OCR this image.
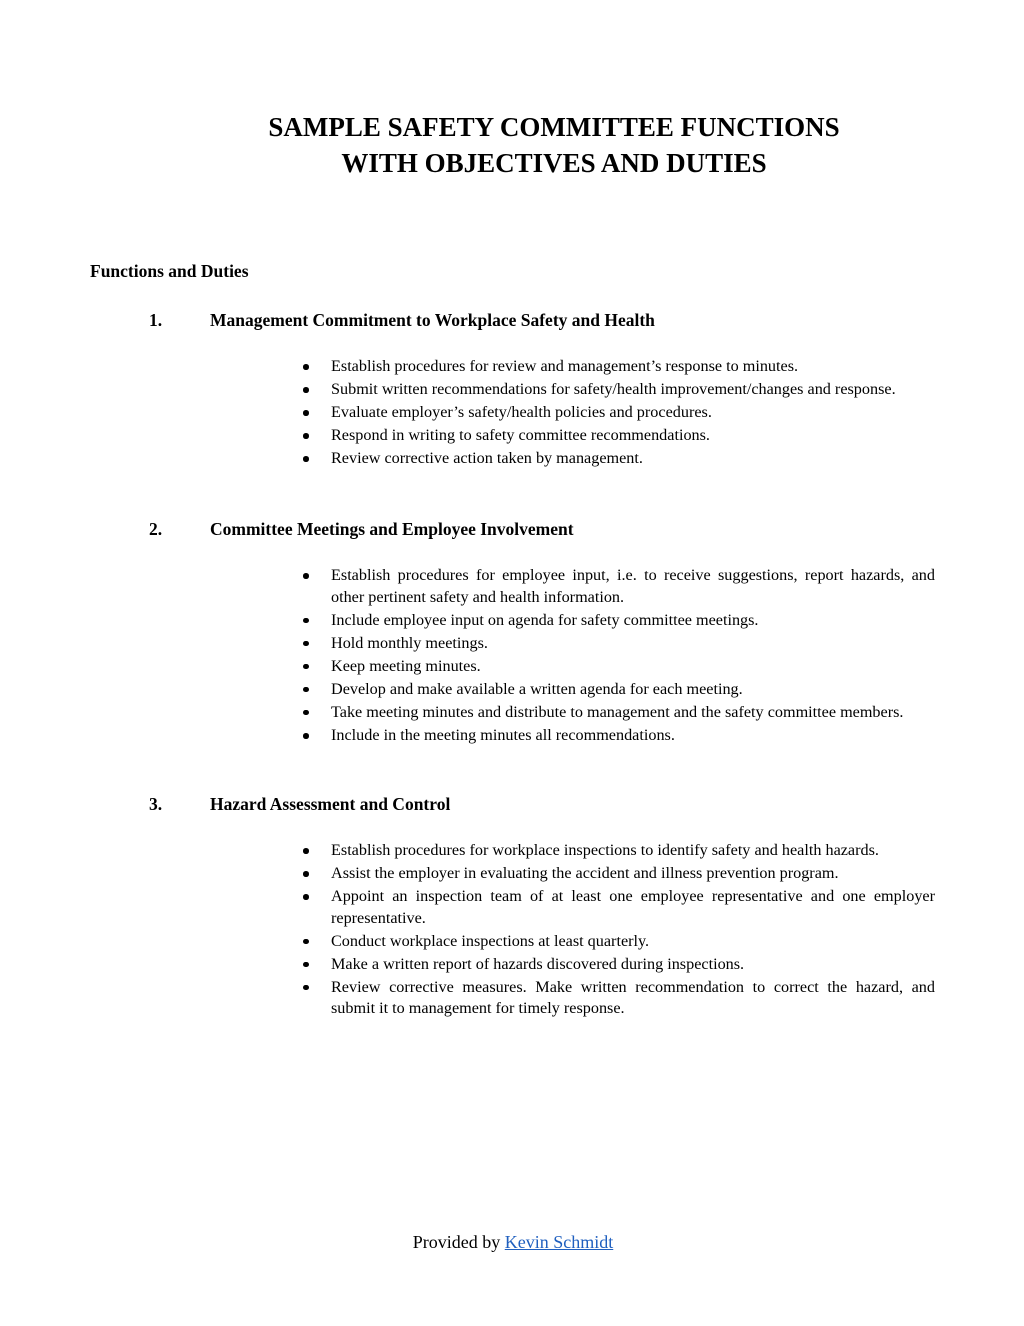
SAMPLE SAFETY COMMITTEE FUNCTIONS
WITH OBJECTIVES AND DUTIES
Functions and Duties
1.	Management Commitment to Workplace Safety and Health
Establish procedures for review and management’s response to minutes.
Submit written recommendations for safety/health improvement/changes and response.
Evaluate employer’s safety/health policies and procedures.
Respond in writing to safety committee recommendations.
Review corrective action taken by management.
2.	Committee Meetings and Employee Involvement
Establish procedures for employee input, i.e. to receive suggestions, report hazards, and other pertinent safety and health information.
Include employee input on agenda for safety committee meetings.
Hold monthly meetings.
Keep meeting minutes.
Develop and make available a written agenda for each meeting.
Take meeting minutes and distribute to management and the safety committee members.
Include in the meeting minutes all recommendations.
3.	Hazard Assessment and Control
Establish procedures for workplace inspections to identify safety and health hazards.
Assist the employer in evaluating the accident and illness prevention program.
Appoint an inspection team of at least one employee representative and one employer representative.
Conduct workplace inspections at least quarterly.
Make a written report of hazards discovered during inspections.
Review corrective measures. Make written recommendation to correct the hazard, and submit it to management for timely response.
Provided by Kevin Schmidt
